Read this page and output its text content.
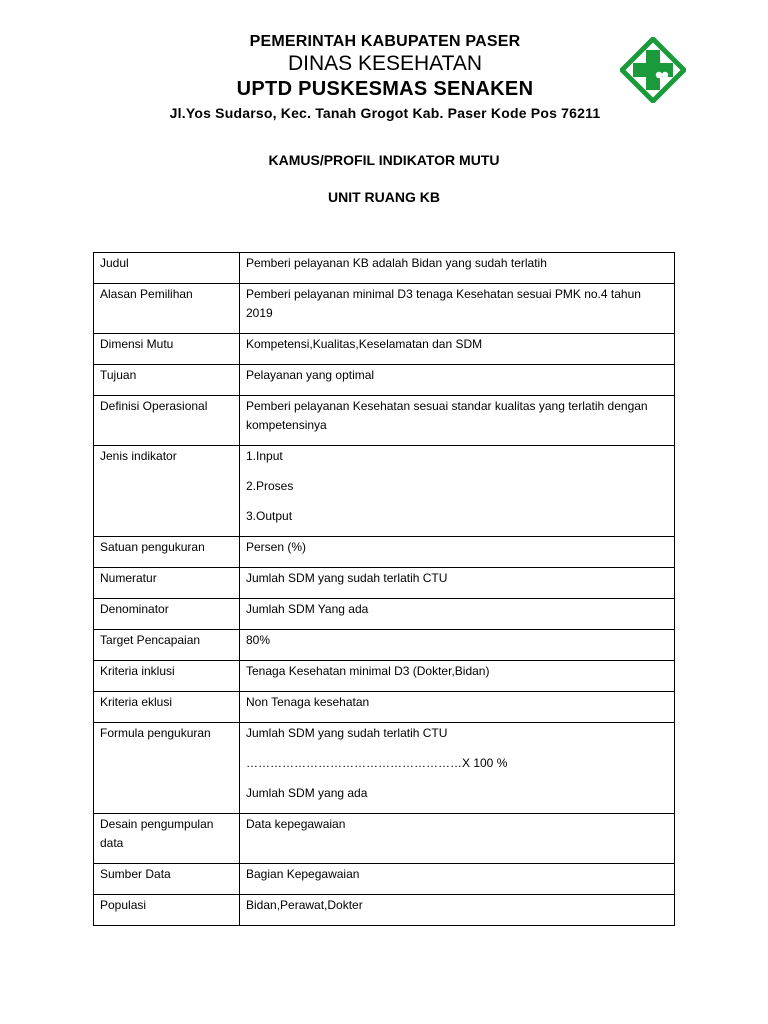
PEMERINTAH KABUPATEN PASER
DINAS KESEHATAN
UPTD PUSKESMAS SENAKEN
Jl.Yos Sudarso, Kec. Tanah Grogot Kab. Paser Kode Pos 76211
KAMUS/PROFIL INDIKATOR MUTU
UNIT RUANG KB
Judul	Pemberi pelayanan KB adalah Bidan yang sudah terlatih
Alasan Pemilihan	Pemberi pelayanan minimal D3 tenaga Kesehatan sesuai PMK no.4 tahun 2019
Dimensi Mutu	Kompetensi,Kualitas,Keselamatan dan SDM
Tujuan	Pelayanan yang optimal
Definisi Operasional	Pemberi pelayanan Kesehatan sesuai standar kualitas yang terlatih dengan kompetensinya
Jenis indikator	1.Input

2.Proses

3.Output

Satuan pengukuran	Persen (%)
Numeratur	Jumlah SDM yang sudah terlatih CTU
Denominator	Jumlah SDM Yang ada
Target Pencapaian	80%
Kriteria inklusi	Tenaga Kesehatan minimal D3 (Dokter,Bidan)
Kriteria eklusi	Non Tenaga kesehatan
Formula pengukuran	Jumlah SDM yang sudah terlatih CTU

………………………………………………X 100 %

Jumlah SDM yang ada

Desain pengumpulan data	Data kepegawaian
Sumber Data	Bagian Kepegawaian
Populasi	Bidan,Perawat,Dokter
